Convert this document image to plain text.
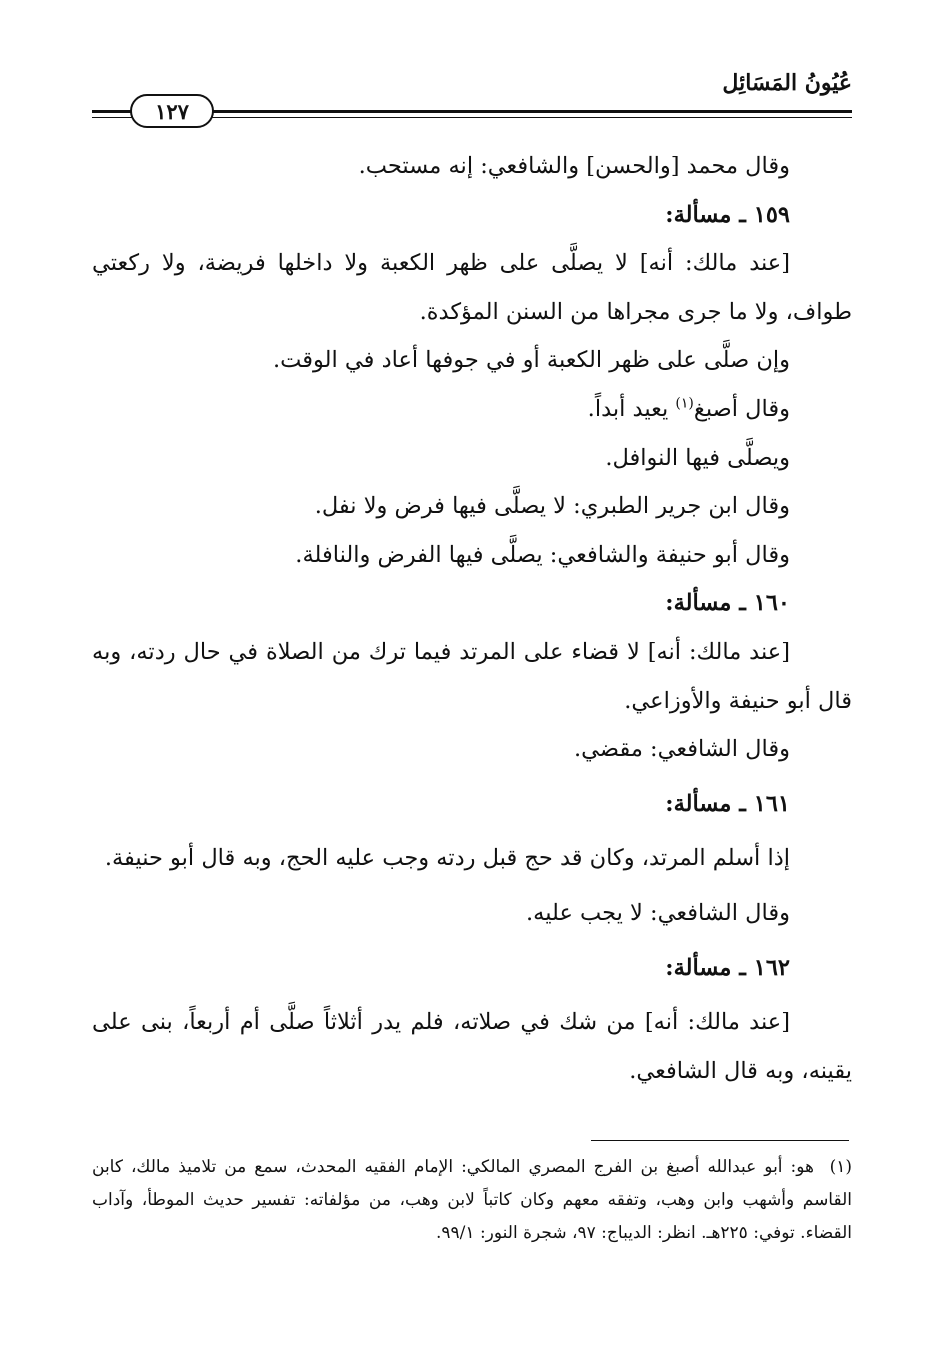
عُيُونُ المَسَائِل
١٢٧

وقال محمد [والحسن] والشافعي: إنه مستحب.

١٥٩ ـ مسألة:

[عند مالك: أنه] لا يصلَّى على ظهر الكعبة ولا داخلها فريضة، ولا ركعتي طواف، ولا ما جرى مجراها من السنن المؤكدة.

وإن صلَّى على ظهر الكعبة أو في جوفها أعاد في الوقت.

وقال أصبغ$^{(١)}$ يعيد أبداً.

ويصلَّى فيها النوافل.

وقال ابن جرير الطبري: لا يصلَّى فيها فرض ولا نفل.

وقال أبو حنيفة والشافعي: يصلَّى فيها الفرض والنافلة.

١٦٠ ـ مسألة:

[عند مالك: أنه] لا قضاء على المرتد فيما ترك من الصلاة في حال ردته، وبه قال أبو حنيفة والأوزاعي.

وقال الشافعي: مقضي.

١٦١ ـ مسألة:

إذا أسلم المرتد، وكان قد حج قبل ردته وجب عليه الحج، وبه قال أبو حنيفة.

وقال الشافعي: لا يجب عليه.

١٦٢ ـ مسألة:

[عند مالك: أنه] من شك في صلاته، فلم يدر أثلاثاً صلَّى أم أربعاً، بنى على يقينه، وبه قال الشافعي.

(١)هو: أبو عبدالله أصبغ بن الفرج المصري المالكي: الإمام الفقيه المحدث، سمع من تلاميذ مالك، كابن القاسم وأشهب وابن وهب، وتفقه معهم وكان كاتباً لابن وهب، من مؤلفاته: تفسير حديث الموطأ، وآداب القضاء. توفي: ٢٢٥هـ. انظر: الديباج: ٩٧، شجرة النور: ٩٩/١.
